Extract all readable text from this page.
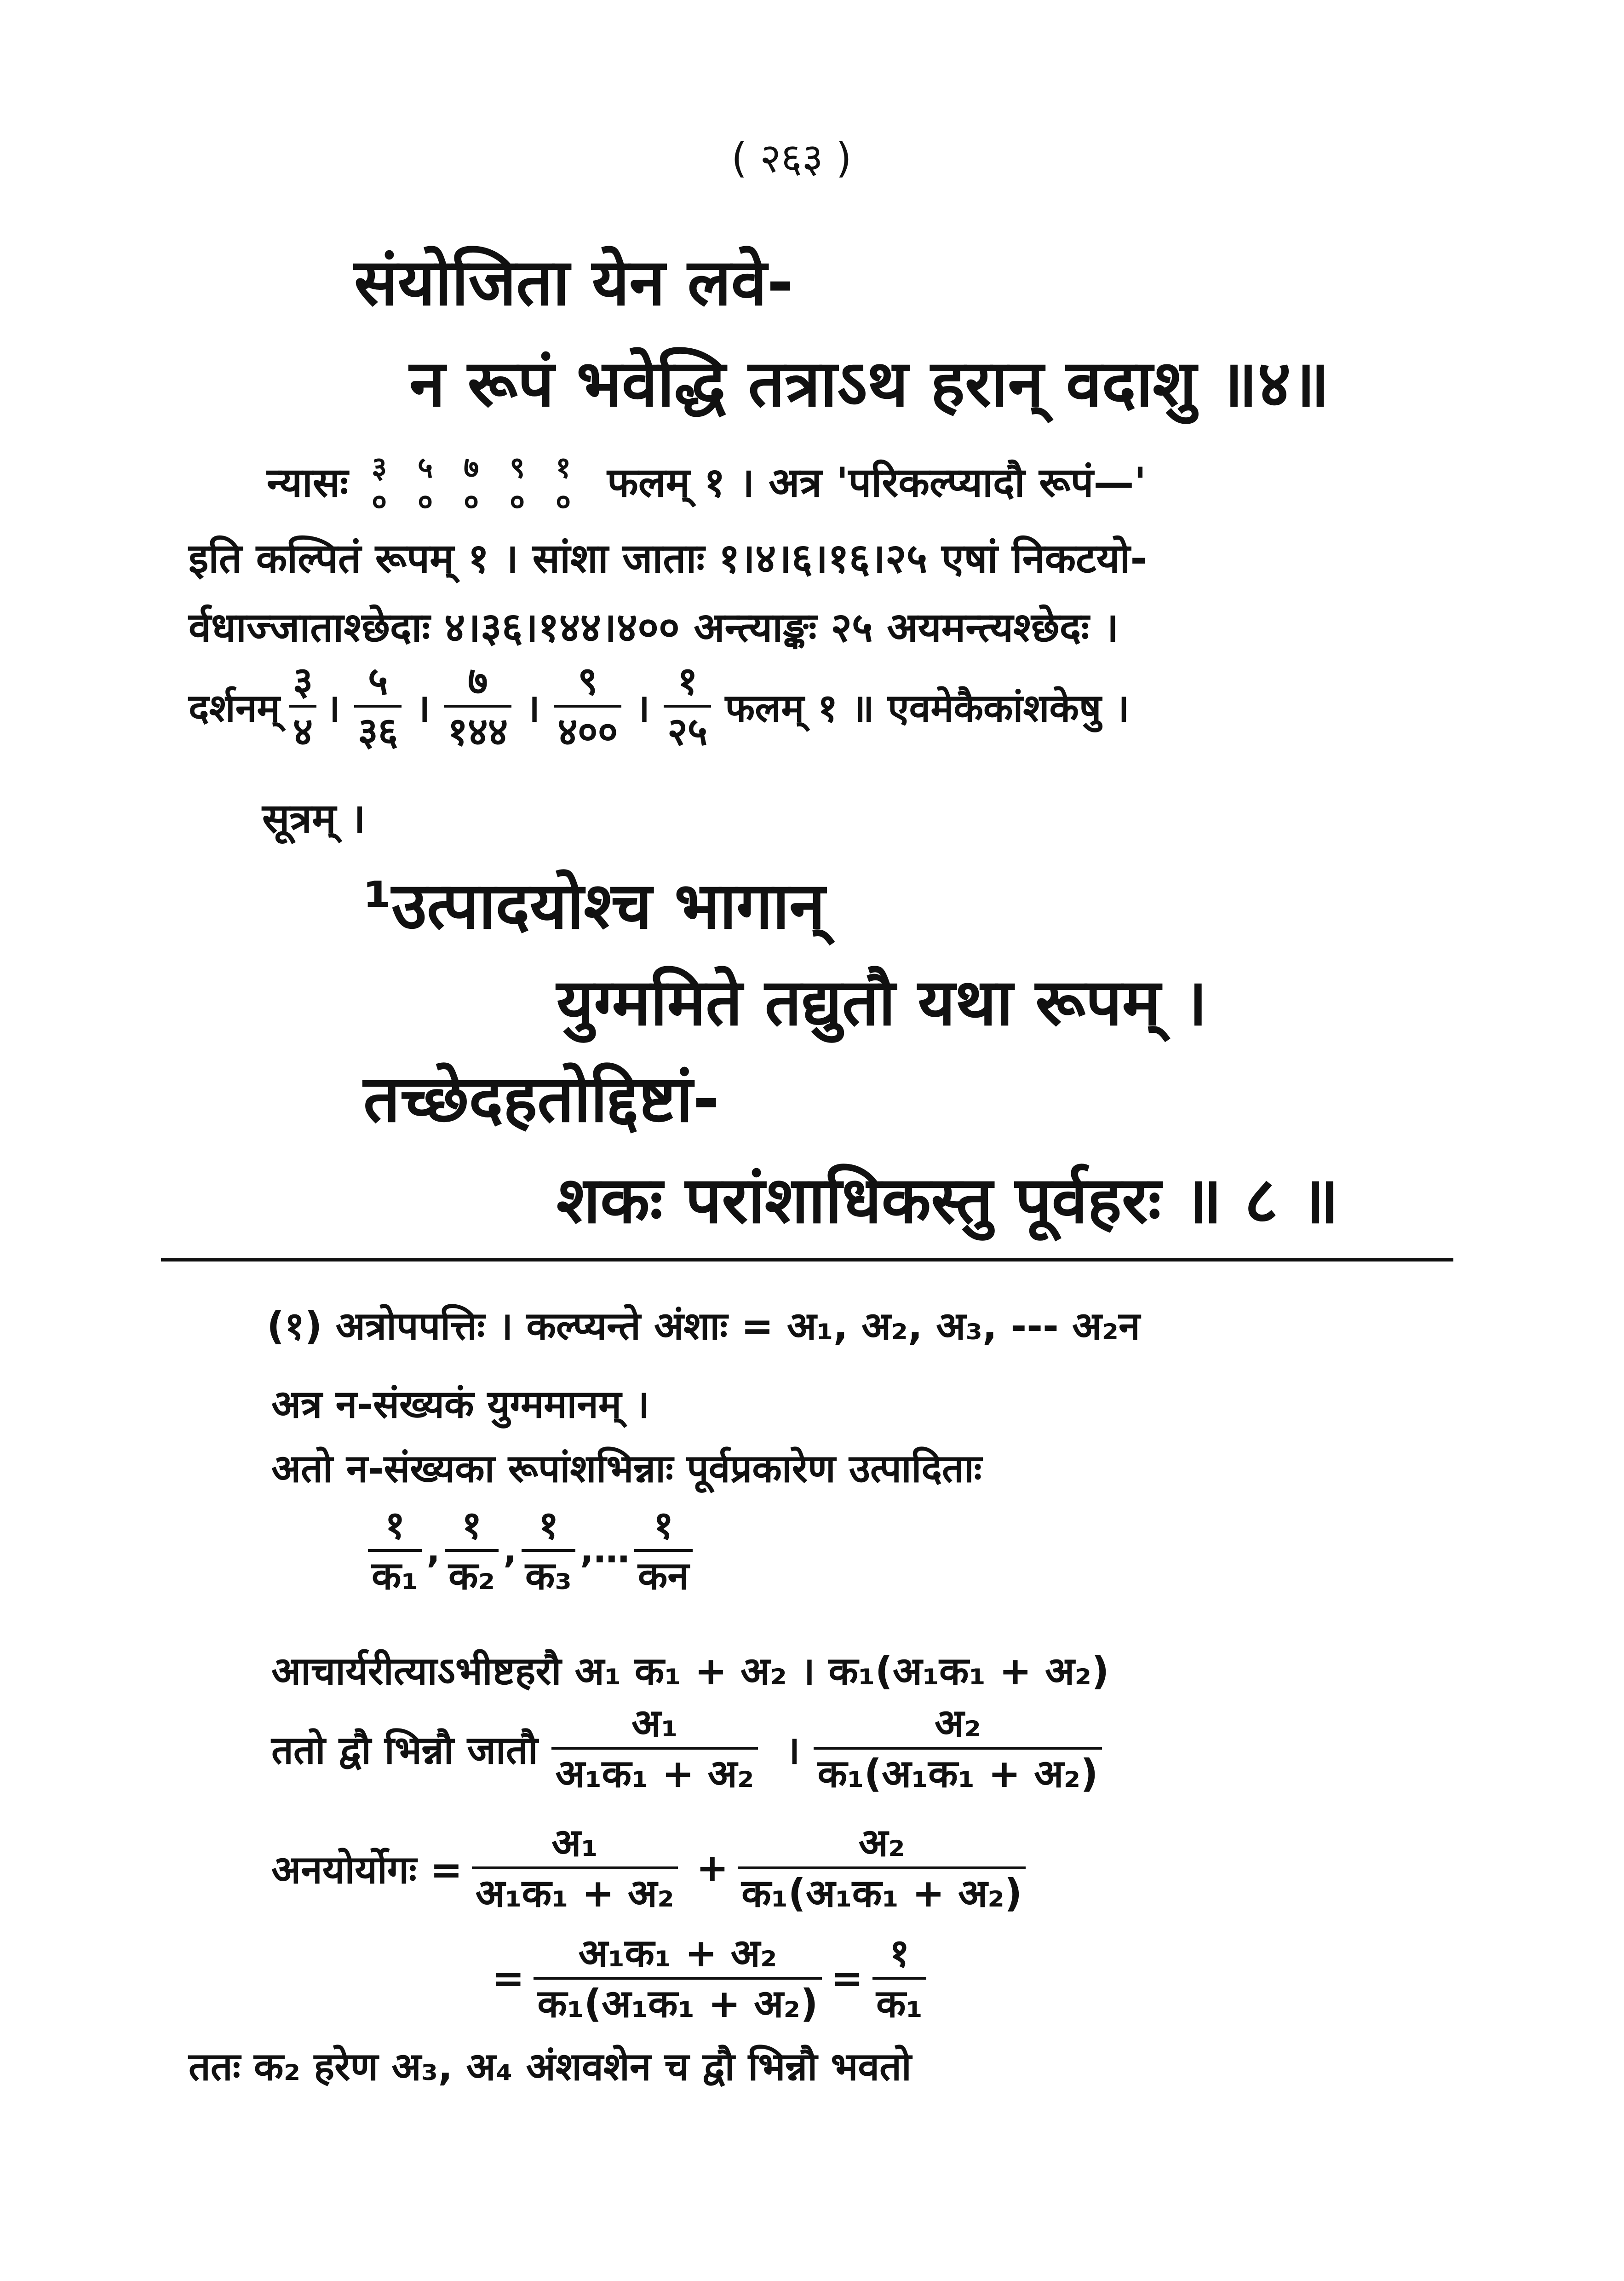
( २६३ )
संयोजिता येन लवे-
न रूपं भवेद्धि तत्राऽथ हरान् वदाशु ॥४॥
न्यासः ३
०
५
०
७
०
९
०
१
० फलम् १ । अत्र 'परिकल्प्यादौ रूपं—'
इति कल्पितं रूपम् १ । सांशा जाताः १।४।६।१६।२५ एषां निकटयो-
र्वधाज्जाताश्छेदाः ४।३६।१४४।४०० अन्त्याङ्कः २५ अयमन्त्यश्छेदः ।
दर्शनम्
३
४
।
५
३६
।
७
१४४
।
९
४००
।
१
२५
फलम् १ ॥ एवमेकैकांशकेषु ।
सूत्रम् ।
¹उत्पादयोश्च भागान्
युग्ममिते तद्युतौ यथा रूपम् ।
तच्छेदहतोद्दिष्टां-
शकः परांशाधिकस्तु पूर्वहरः ॥ ८ ॥
(१) अत्रोपपत्तिः । कल्प्यन्ते अंशाः = अ₁, अ₂, अ₃, --- अ₂न
अत्र न-संख्यकं युग्ममानम् ।
अतो न-संख्यका रूपांशभिन्नाः पूर्वप्रकारेण उत्पादिताः
१
क₁
,
१
क₂
,
१
क₃
,…
१
कन
आचार्यरीत्याऽभीष्टहरौ अ₁ क₁ + अ₂ । क₁(अ₁क₁ + अ₂)
ततो द्वौ भिन्नौ जातौ
अ₁
अ₁क₁ + अ₂
।
अ₂
क₁(अ₁क₁ + अ₂)
अनयोर्योगः =
अ₁
अ₁क₁ + अ₂
+
अ₂
क₁(अ₁क₁ + अ₂)
=
अ₁क₁ + अ₂
क₁(अ₁क₁ + अ₂)
=
१
क₁
ततः क₂ हरेण अ₃, अ₄ अंशवशेन च द्वौ भिन्नौ भवतो
